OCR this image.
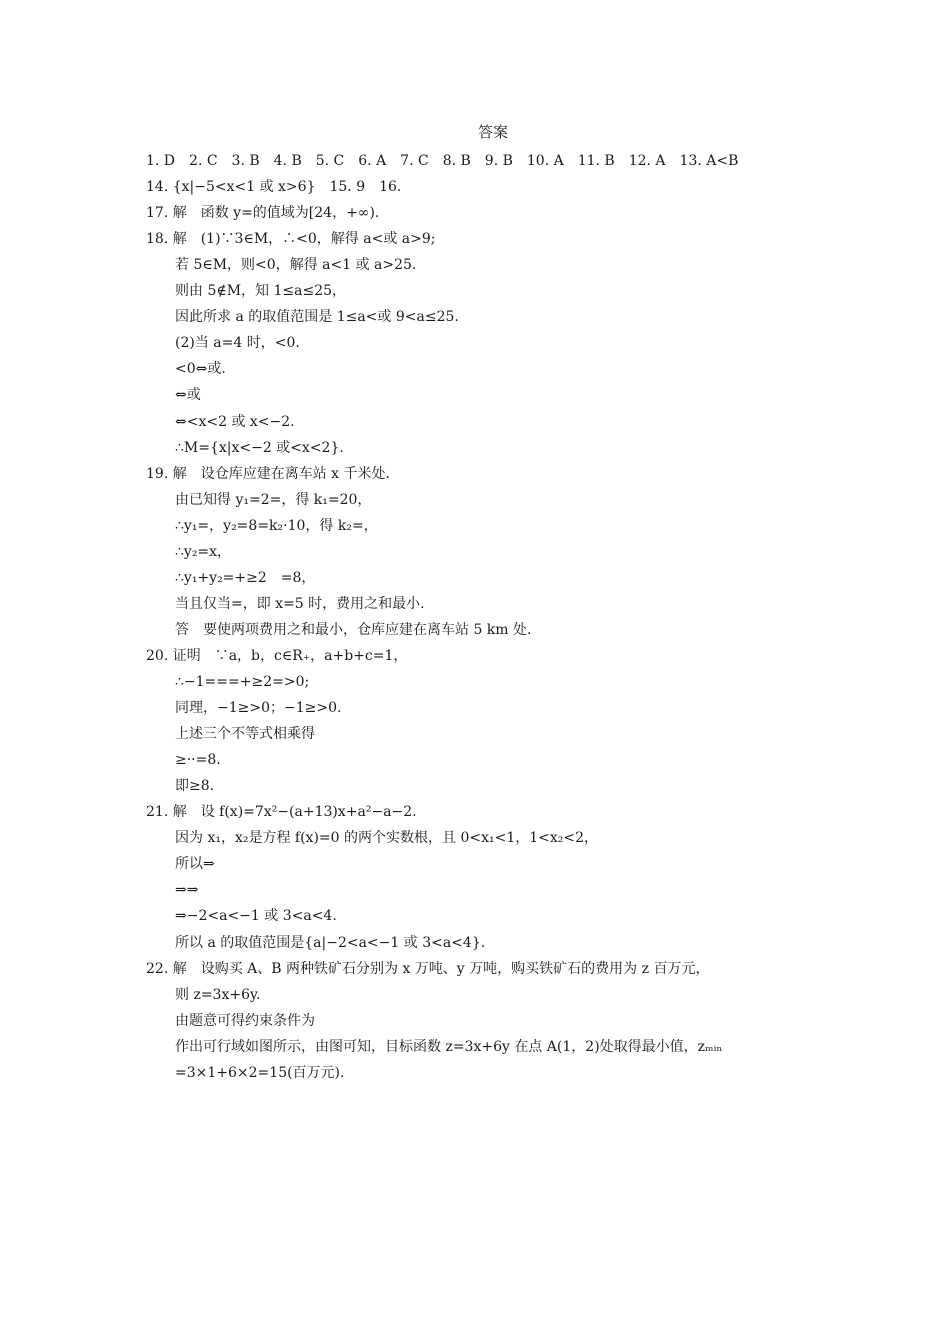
答案
1. D　2. C　3. B　4. B　5. C　6. A　7. C　8. B　9. B　10. A　11. B　12. A　13. A<B
14. {x|−5<x<1 或 x>6}　15. 9　16.
17. 解　函数 y=的值域为[24，+∞).
18. 解　(1)∵3∈M，∴<0，解得 a<或 a>9;
若 5∈M，则<0，解得 a<1 或 a>25.
则由 5∉M，知 1≤a≤25，
因此所求 a 的取值范围是 1≤a<或 9<a≤25.
(2)当 a=4 时，<0.
<0⇔或.
⇔或
⇔<x<2 或 x<−2.
∴M={x|x<−2 或<x<2}.
19. 解　设仓库应建在离车站 x 千米处.
由已知得 y₁=2=，得 k₁=20，
∴y₁=，y₂=8=k₂·10，得 k₂=，
∴y₂=x，
∴y₁+y₂=+≥2　=8，
当且仅当=，即 x=5 时，费用之和最小.
答　要使两项费用之和最小，仓库应建在离车站 5 km 处.
20. 证明　∵a，b，c∈R₊，a+b+c=1，
∴−1===+≥2=>0;
同理，−1≥>0；−1≥>0.
上述三个不等式相乘得
≥··=8.
即≥8.
21. 解　设 f(x)=7x²−(a+13)x+a²−a−2.
因为 x₁，x₂是方程 f(x)=0 的两个实数根，且 0<x₁<1，1<x₂<2，
所以⇒
⇒⇒
⇒−2<a<−1 或 3<a<4.
所以 a 的取值范围是{a|−2<a<−1 或 3<a<4}.
22. 解　设购买 A、B 两种铁矿石分别为 x 万吨、y 万吨，购买铁矿石的费用为 z 百万元，
则 z=3x+6y.
由题意可得约束条件为
作出可行域如图所示，由图可知，目标函数 z=3x+6y 在点 A(1，2)处取得最小值，zₘᵢₙ
=3×1+6×2=15(百万元).
